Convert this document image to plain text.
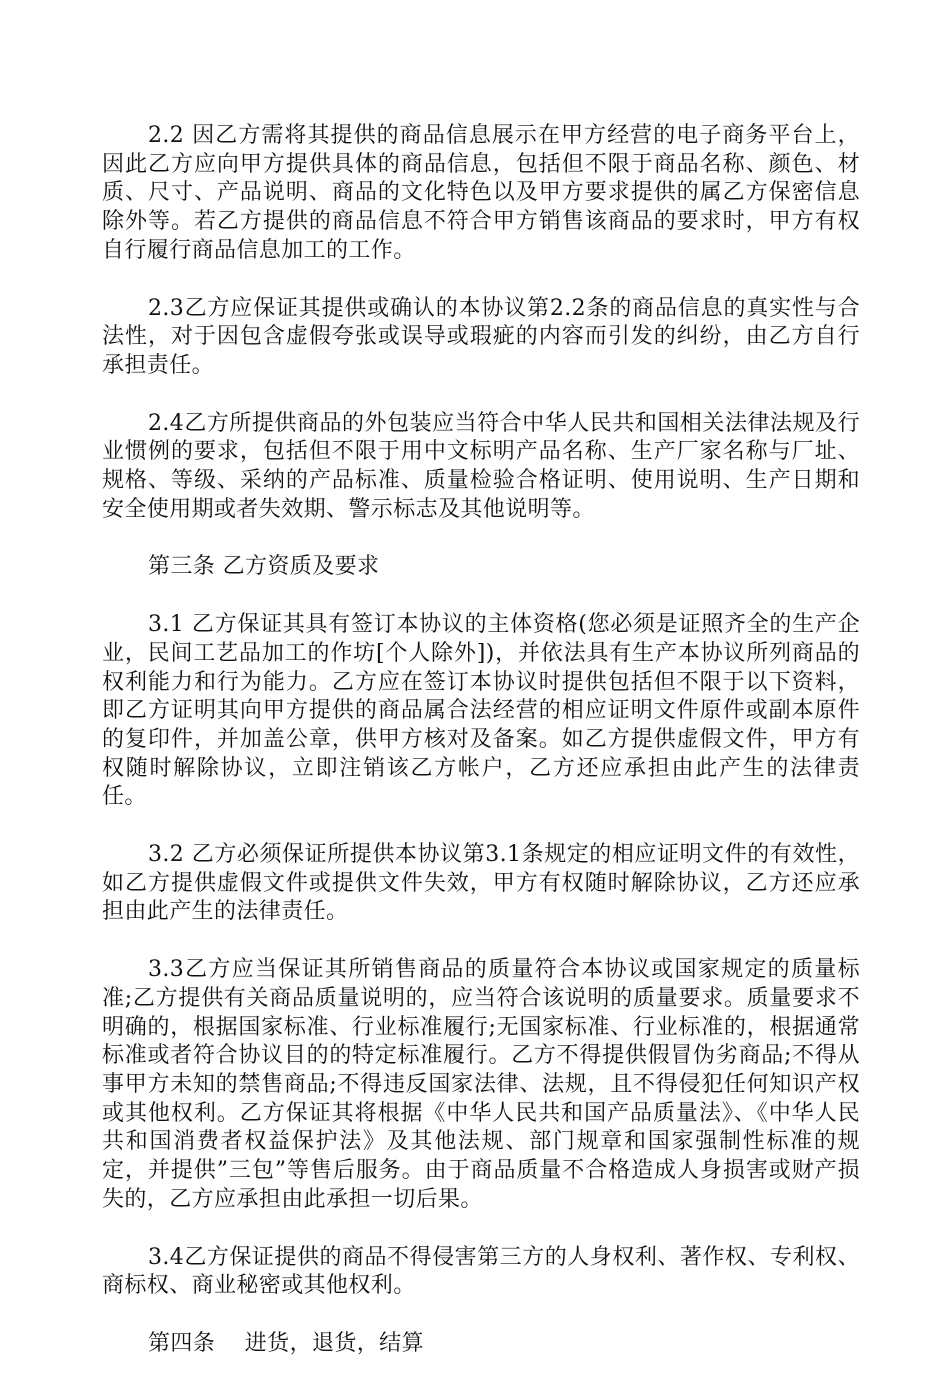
2.2 因乙方需将其提供的商品信息展示在甲方经营的电子商务平台上，因此乙方应向甲方提供具体的商品信息，包括但不限于商品名称、颜色、材质、尺寸、产品说明、商品的文化特色以及甲方要求提供的属乙方保密信息除外等。若乙方提供的商品信息不符合甲方销售该商品的要求时，甲方有权自行履行商品信息加工的工作。

2.3乙方应保证其提供或确认的本协议第2.2条的商品信息的真实性与合法性，对于因包含虚假夸张或误导或瑕疵的内容而引发的纠纷，由乙方自行承担责任。

2.4乙方所提供商品的外包装应当符合中华人民共和国相关法律法规及行业惯例的要求，包括但不限于用中文标明产品名称、生产厂家名称与厂址、规格、等级、采纳的产品标准、质量检验合格证明、使用说明、生产日期和安全使用期或者失效期、警示标志及其他说明等。

第三条 乙方资质及要求

3.1 乙方保证其具有签订本协议的主体资格(您必须是证照齐全的生产企业，民间工艺品加工的作坊[个人除外])，并依法具有生产本协议所列商品的权利能力和行为能力。乙方应在签订本协议时提供包括但不限于以下资料，即乙方证明其向甲方提供的商品属合法经营的相应证明文件原件或副本原件的复印件，并加盖公章，供甲方核对及备案。如乙方提供虚假文件，甲方有权随时解除协议，立即注销该乙方帐户，乙方还应承担由此产生的法律责任。

3.2 乙方必须保证所提供本协议第3.1条规定的相应证明文件的有效性，如乙方提供虚假文件或提供文件失效，甲方有权随时解除协议，乙方还应承担由此产生的法律责任。

3.3乙方应当保证其所销售商品的质量符合本协议或国家规定的质量标准;乙方提供有关商品质量说明的，应当符合该说明的质量要求。质量要求不明确的，根据国家标准、行业标准履行;无国家标准、行业标准的，根据通常标准或者符合协议目的的特定标准履行。乙方不得提供假冒伪劣商品;不得从事甲方未知的禁售商品;不得违反国家法律、法规，且不得侵犯任何知识产权或其他权利。乙方保证其将根据《中华人民共和国产品质量法》、《中华人民共和国消费者权益保护法》及其他法规、部门规章和国家强制性标准的规定，并提供”三包”等售后服务。由于商品质量不合格造成人身损害或财产损失的，乙方应承担由此承担一切后果。

3.4乙方保证提供的商品不得侵害第三方的人身权利、著作权、专利权、商标权、商业秘密或其他权利。

第四条    进货，退货，结算
